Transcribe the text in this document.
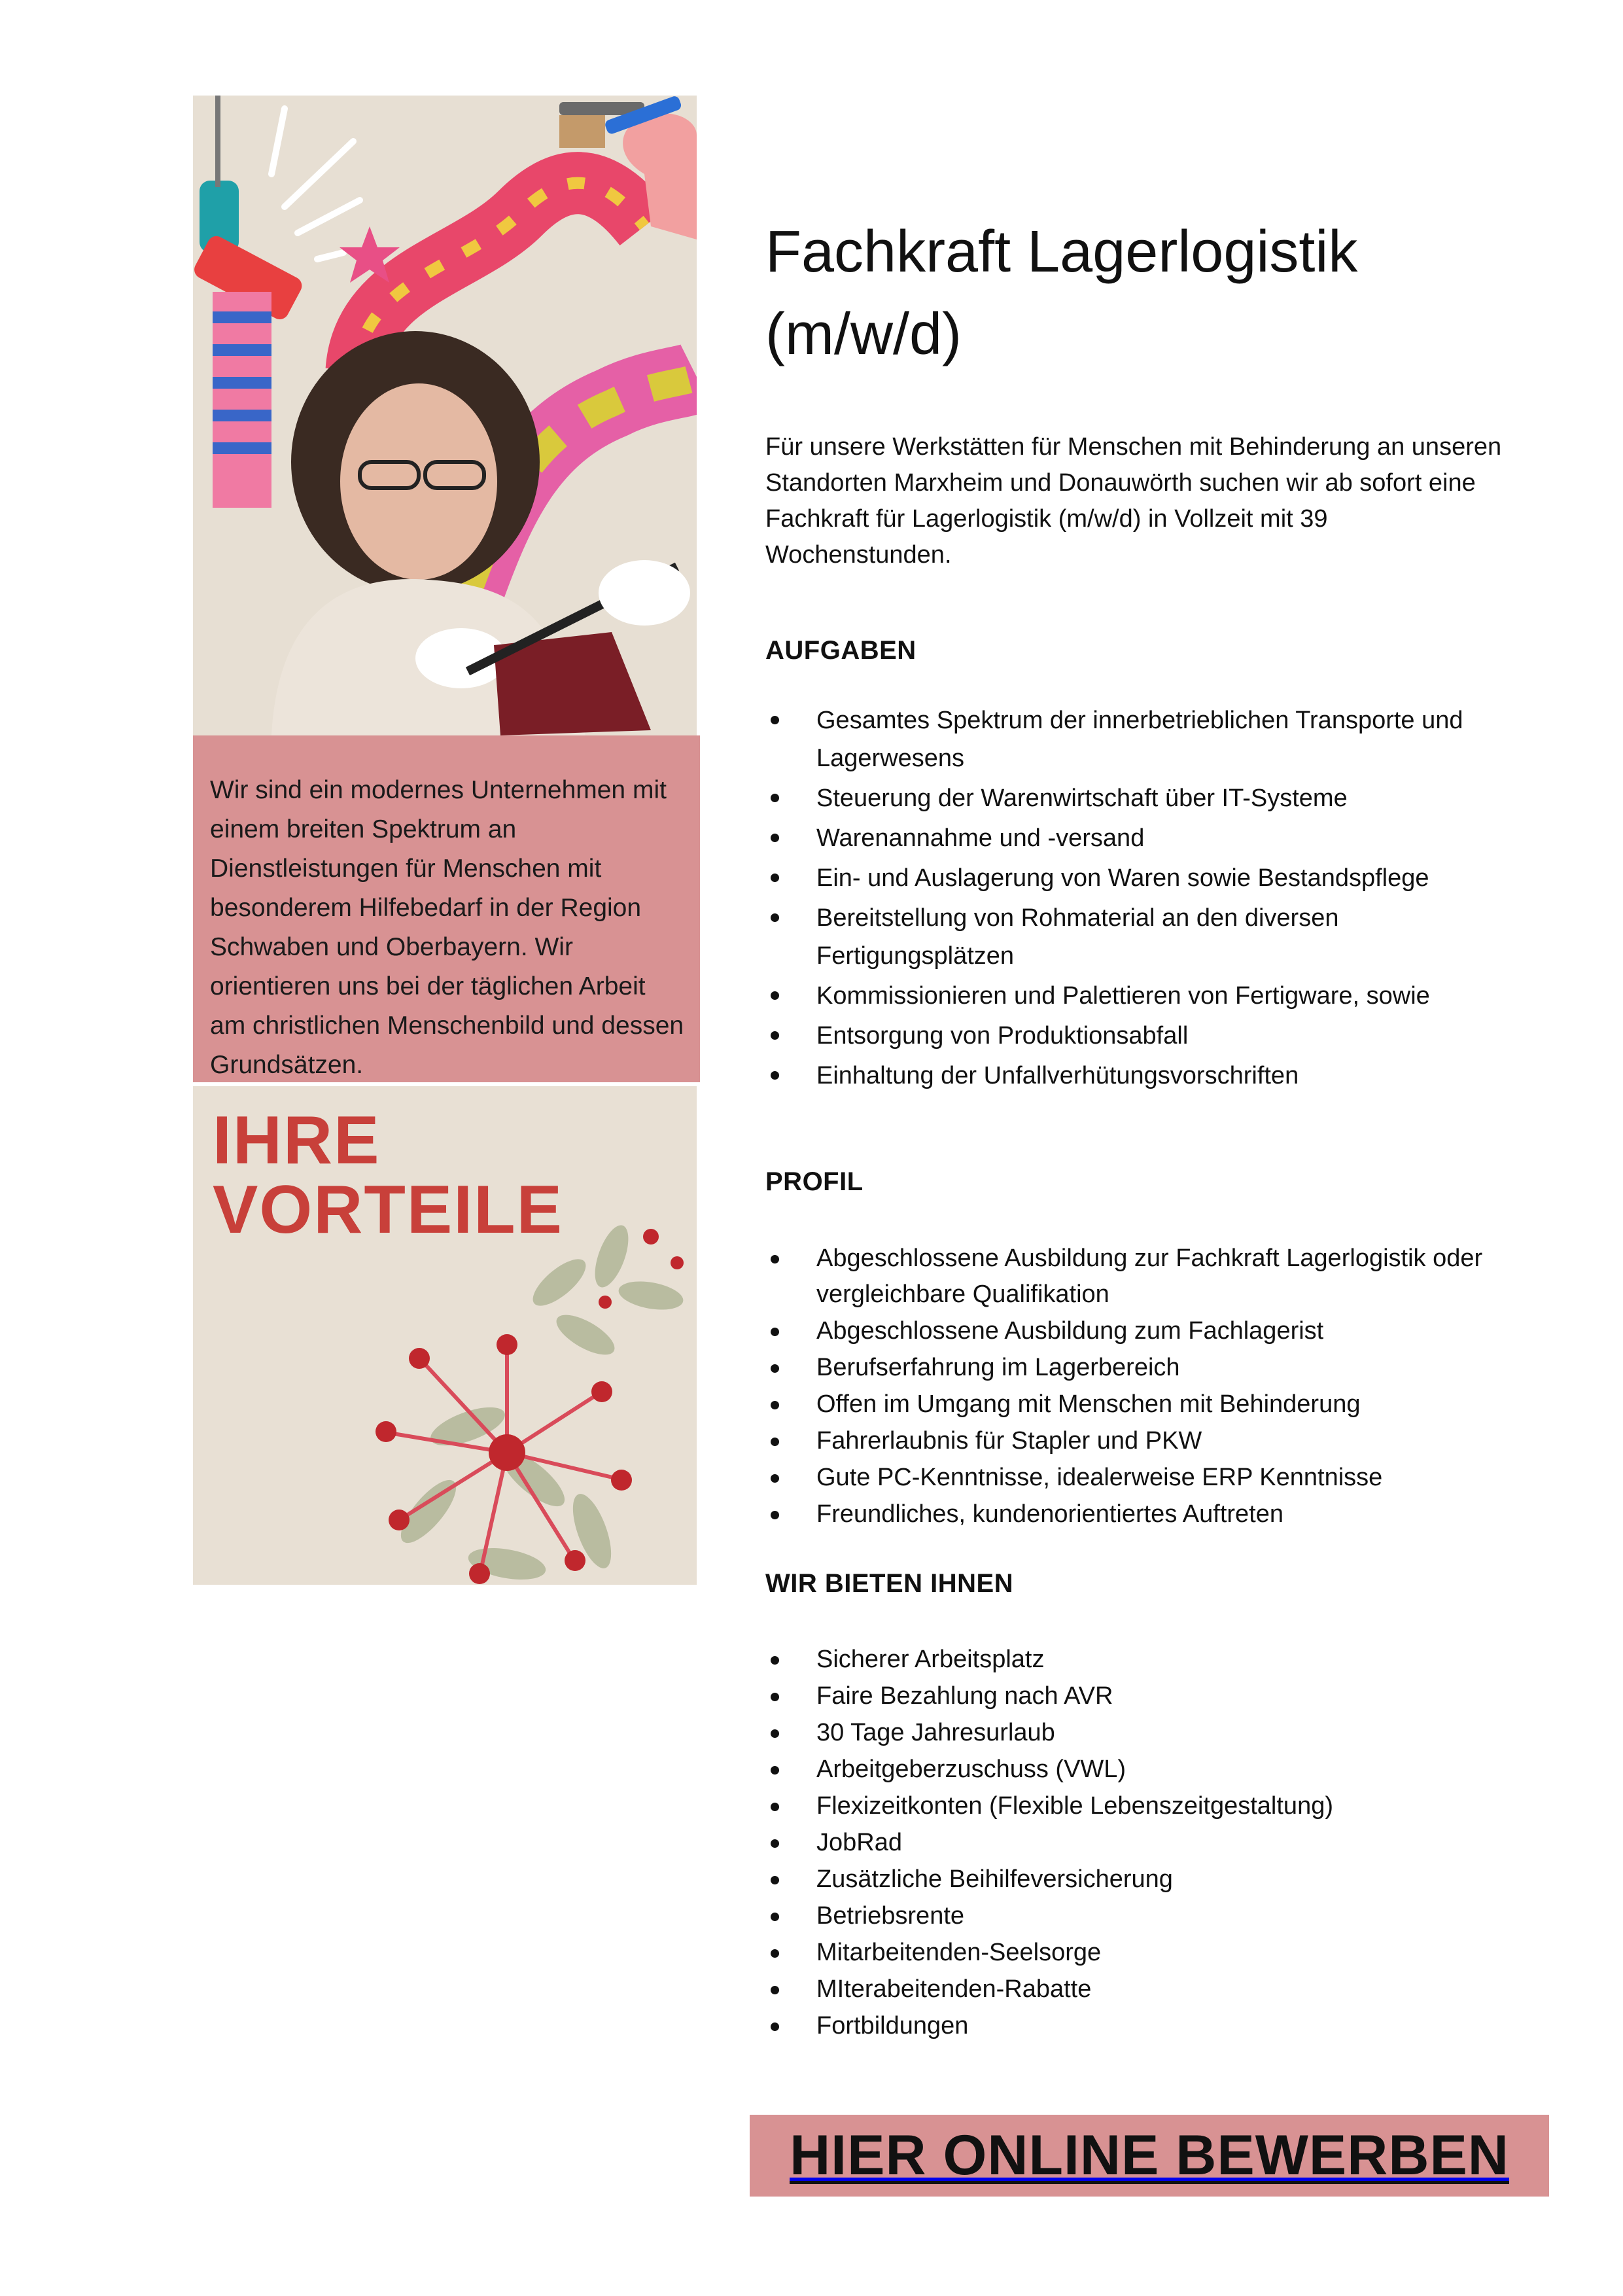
Wir sind ein modernes Unternehmen mit einem breiten Spektrum an Dienstleistungen für Menschen mit besonderem Hilfebedarf in der Region Schwaben und Oberbayern. Wir orientieren uns bei der täglichen Arbeit am christlichen Menschenbild und dessen Grundsätzen.
IHRE
VORTEILE
Fachkraft Lagerlogistik
(m/w/d)
Für unsere Werkstätten für Menschen mit Behinderung an unseren Standorten Marxheim und Donauwörth suchen wir ab sofort eine Fachkraft für Lagerlogistik (m/w/d) in Vollzeit mit 39 Wochenstunden.
AUFGABEN
Gesamtes Spektrum der innerbetrieblichen Transporte und Lagerwesens
Steuerung der Warenwirtschaft über IT-Systeme
Warenannahme und -versand
Ein- und Auslagerung von Waren sowie Bestandspflege
Bereitstellung von Rohmaterial an den diversen Fertigungsplätzen
Kommissionieren und Palettieren von Fertigware, sowie
Entsorgung von Produktionsabfall
Einhaltung der Unfallverhütungsvorschriften
PROFIL
Abgeschlossene Ausbildung zur Fachkraft Lagerlogistik oder vergleichbare Qualifikation
Abgeschlossene Ausbildung zum Fachlagerist
Berufserfahrung im Lagerbereich
Offen im Umgang mit Menschen mit Behinderung
Fahrerlaubnis für Stapler und PKW
Gute PC-Kenntnisse, idealerweise ERP Kenntnisse
Freundliches, kundenorientiertes Auftreten
WIR BIETEN IHNEN
Sicherer Arbeitsplatz
Faire Bezahlung nach AVR
30 Tage Jahresurlaub
Arbeitgeberzuschuss (VWL)
Flexizeitkonten (Flexible Lebenszeitgestaltung)
JobRad
Zusätzliche Beihilfeversicherung
Betriebsrente
Mitarbeitenden-Seelsorge
MIterabeitenden-Rabatte
Fortbildungen
HIER ONLINE BEWERBEN
